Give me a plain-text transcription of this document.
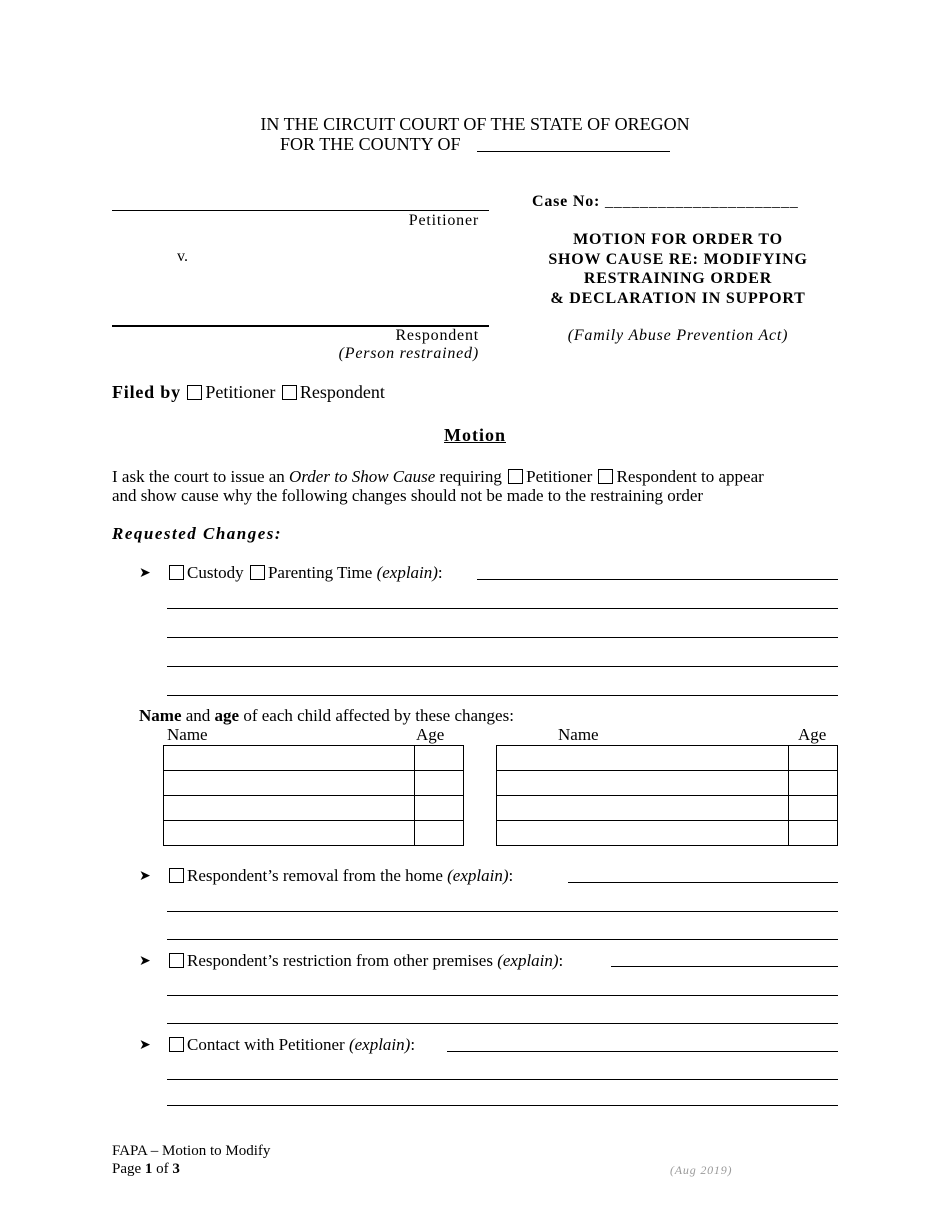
IN THE CIRCUIT COURT OF THE STATE OF OREGON
FOR THE COUNTY OF
Petitioner
v.
Respondent
(Person restrained)
Case No: ______________________
MOTION FOR ORDER TO
SHOW CAUSE RE: MODIFYING
RESTRAINING ORDER
& DECLARATION IN SUPPORT
(Family Abuse Prevention Act)
Filed by Petitioner Respondent
Motion
I ask the court to issue an Order to Show Cause requiring Petitioner Respondent to appear
and show cause why the following changes should not be made to the restraining order
Requested Changes:
➤	Custody Parenting Time (explain):
Name and age of each child affected by these changes:
Name	Age	Name	Age

➤	Respondent’s removal from the home (explain):
➤	Respondent’s restriction from other premises (explain):
➤	Contact with Petitioner (explain):
FAPA – Motion to Modify
Page 1 of 3	(Aug 2019)
